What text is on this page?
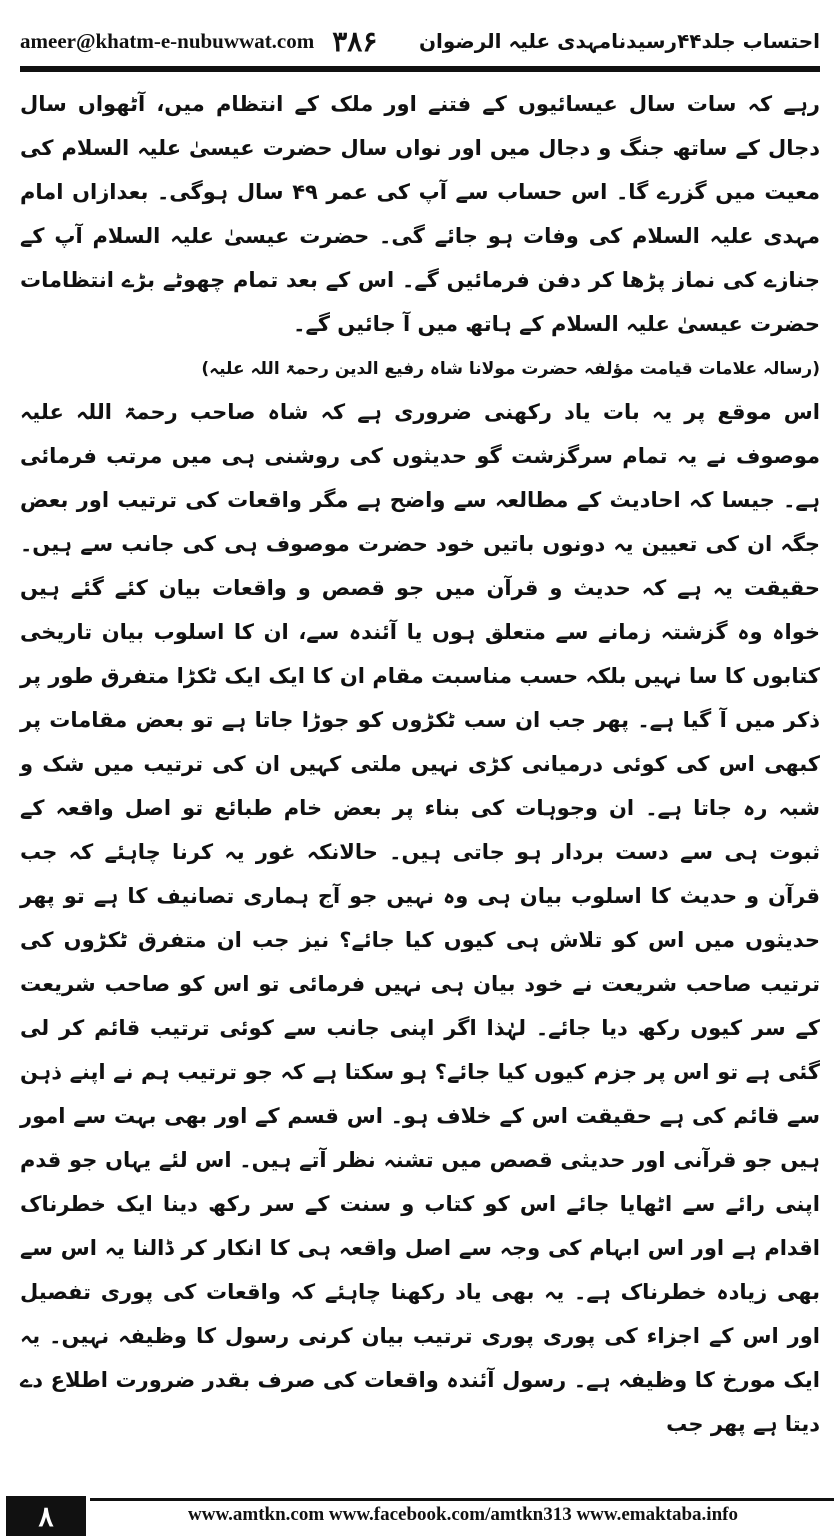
ameer@khatm-e-nubuwwat.com ۳۸۶ احتساب جلد۴۴رسیدنامہدی علیہ الرضوان

رہے کہ سات سال عیسائیوں کے فتنے اور ملک کے انتظام میں، آٹھواں سال دجال کے ساتھ جنگ و دجال میں اور نواں سال حضرت عیسیٰ علیہ السلام کی معیت میں گزرے گا۔ اس حساب سے آپ کی عمر ۴۹ سال ہوگی۔ بعدازاں امام مہدی علیہ السلام کی وفات ہو جائے گی۔ حضرت عیسیٰ علیہ السلام آپ کے جنازے کی نماز پڑھا کر دفن فرمائیں گے۔ اس کے بعد تمام چھوٹے بڑے انتظامات حضرت عیسیٰ علیہ السلام کے ہاتھ میں آ جائیں گے۔

(رسالہ علامات قیامت مؤلفہ حضرت مولانا شاہ رفیع الدین رحمۃ اللہ علیہ)

اس موقع پر یہ بات یاد رکھنی ضروری ہے کہ شاہ صاحب رحمۃ اللہ علیہ موصوف نے یہ تمام سرگزشت گو حدیثوں کی روشنی ہی میں مرتب فرمائی ہے۔ جیسا کہ احادیث کے مطالعہ سے واضح ہے مگر واقعات کی ترتیب اور بعض جگہ ان کی تعیین یہ دونوں باتیں خود حضرت موصوف ہی کی جانب سے ہیں۔ حقیقت یہ ہے کہ حدیث و قرآن میں جو قصص و واقعات بیان کئے گئے ہیں خواہ وہ گزشتہ زمانے سے متعلق ہوں یا آئندہ سے، ان کا اسلوب بیان تاریخی کتابوں کا سا نہیں بلکہ حسب مناسبت مقام ان کا ایک ایک ٹکڑا متفرق طور پر ذکر میں آ گیا ہے۔ پھر جب ان سب ٹکڑوں کو جوڑا جاتا ہے تو بعض مقامات پر کبھی اس کی کوئی درمیانی کڑی نہیں ملتی کہیں ان کی ترتیب میں شک و شبہ رہ جاتا ہے۔ ان وجوہات کی بناء پر بعض خام طبائع تو اصل واقعہ کے ثبوت ہی سے دست بردار ہو جاتی ہیں۔ حالانکہ غور یہ کرنا چاہئے کہ جب قرآن و حدیث کا اسلوب بیان ہی وہ نہیں جو آج ہماری تصانیف کا ہے تو پھر حدیثوں میں اس کو تلاش ہی کیوں کیا جائے؟ نیز جب ان متفرق ٹکڑوں کی ترتیب صاحب شریعت نے خود بیان ہی نہیں فرمائی تو اس کو صاحب شریعت کے سر کیوں رکھ دیا جائے۔ لہٰذا اگر اپنی جانب سے کوئی ترتیب قائم کر لی گئی ہے تو اس پر جزم کیوں کیا جائے؟ ہو سکتا ہے کہ جو ترتیب ہم نے اپنے ذہن سے قائم کی ہے حقیقت اس کے خلاف ہو۔ اس قسم کے اور بھی بہت سے امور ہیں جو قرآنی اور حدیثی قصص میں تشنہ نظر آتے ہیں۔ اس لئے یہاں جو قدم اپنی رائے سے اٹھایا جائے اس کو کتاب و سنت کے سر رکھ دینا ایک خطرناک اقدام ہے اور اس ابہام کی وجہ سے اصل واقعہ ہی کا انکار کر ڈالنا یہ اس سے بھی زیادہ خطرناک ہے۔ یہ بھی یاد رکھنا چاہئے کہ واقعات کی پوری تفصیل اور اس کے اجزاء کی پوری پوری ترتیب بیان کرنی رسول کا وظیفہ نہیں۔ یہ ایک مورخ کا وظیفہ ہے۔ رسول آئندہ واقعات کی صرف بقدر ضرورت اطلاع دے دیتا ہے پھر جب

۸	www.amtkn.com www.facebook.com/amtkn313 www.emaktaba.info
